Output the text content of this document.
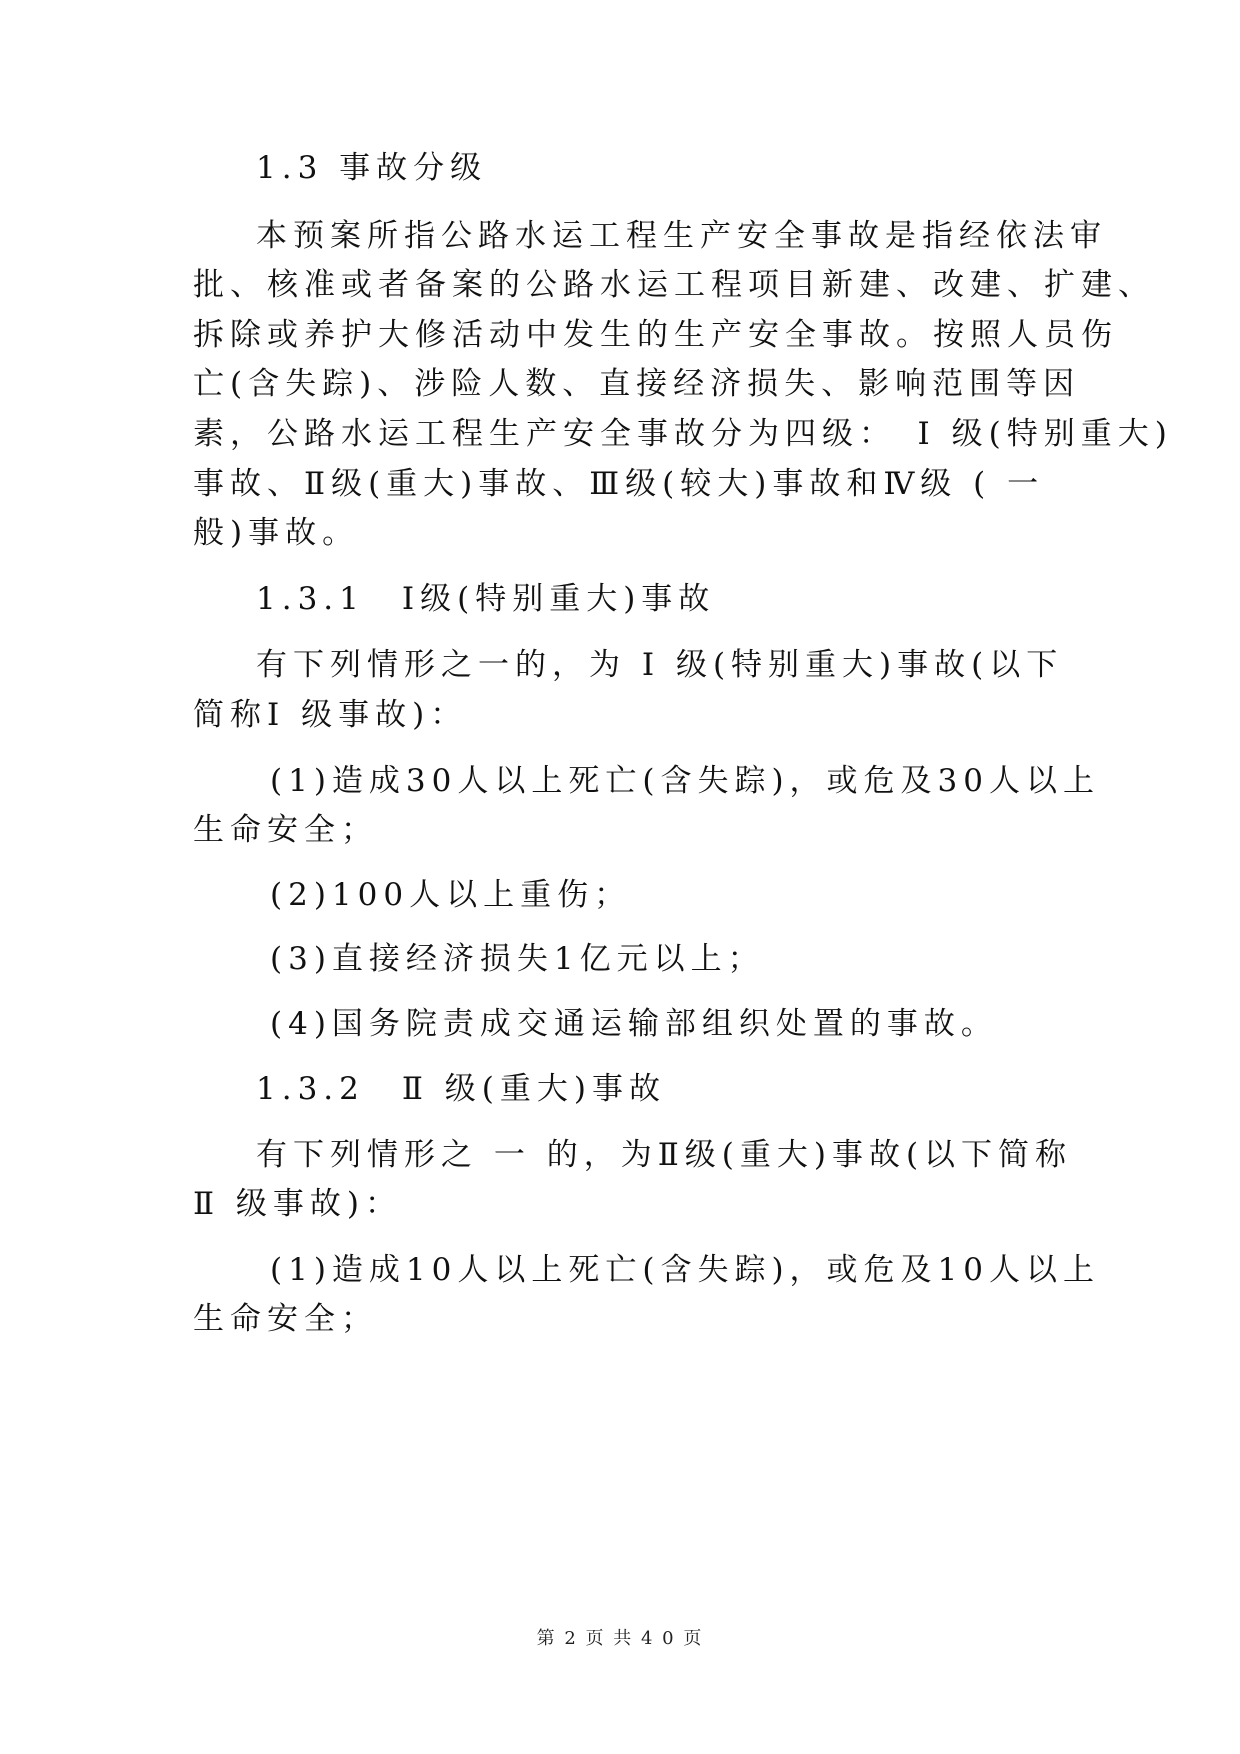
1.3 事故分级
本预案所指公路水运工程生产安全事故是指经依法审
批、核准或者备案的公路水运工程项目新建、改建、扩建、
拆除或养护大修活动中发生的生产安全事故。按照人员伤
亡(含失踪)、涉险人数、直接经济损失、影响范围等因
素，公路水运工程生产安全事故分为四级：　Ⅰ 级(特别重大)
事故、Ⅱ级(重大)事故、Ⅲ级(较大)事故和Ⅳ级 ( 一
般)事故。
1.3.1　Ⅰ级(特别重大)事故
有下列情形之一的，为 Ⅰ 级(特别重大)事故(以下
简称Ⅰ 级事故)：
(1)造成30人以上死亡(含失踪)，或危及30人以上
生命安全；
(2)100人以上重伤；
(3)直接经济损失1亿元以上；
(4)国务院责成交通运输部组织处置的事故。
1.3.2　Ⅱ 级(重大)事故
有下列情形之 一 的，为Ⅱ级(重大)事故(以下简称
Ⅱ 级事故)：
(1)造成10人以上死亡(含失踪)，或危及10人以上
生命安全；
第 2 页 共 4 0 页
